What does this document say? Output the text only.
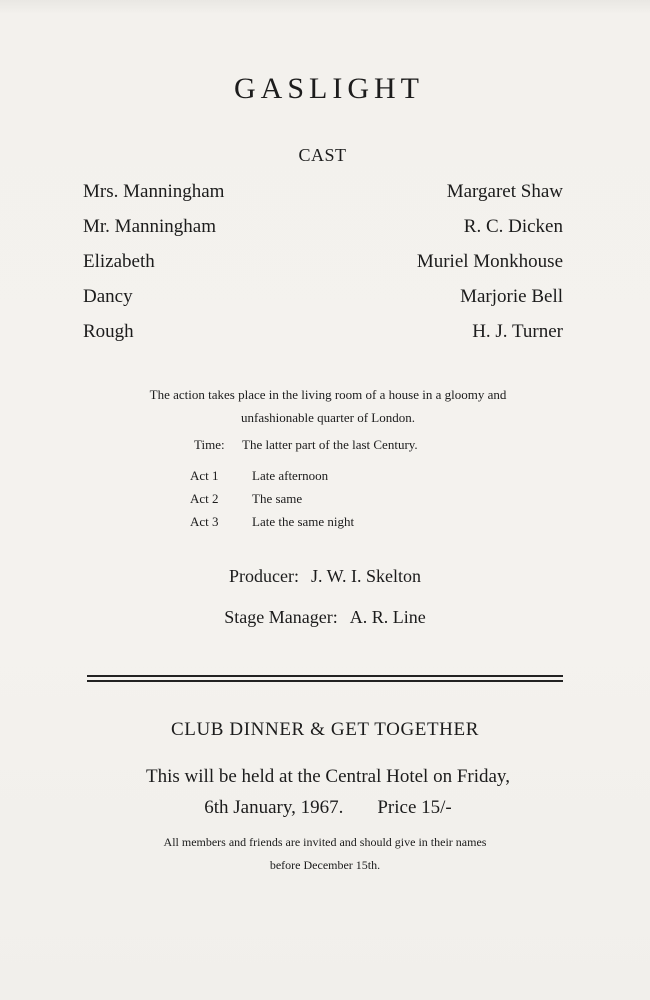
GASLIGHT
CAST
Mrs. Manningham	Margaret Shaw
Mr. Manningham	R. C. Dicken
Elizabeth	Muriel Monkhouse
Dancy	Marjorie Bell
Rough	H. J. Turner
The action takes place in the living room of a house in a gloomy and
unfashionable quarter of London.
Time: The latter part of the last Century.
Act 1	Late afternoon
Act 2	The same
Act 3	Late the same night
Producer: J. W. I. Skelton
Stage Manager: A. R. Line
CLUB DINNER & GET TOGETHER
This will be held at the Central Hotel on Friday,
6th January, 1967. Price 15/-
All members and friends are invited and should give in their names
before December 15th.
